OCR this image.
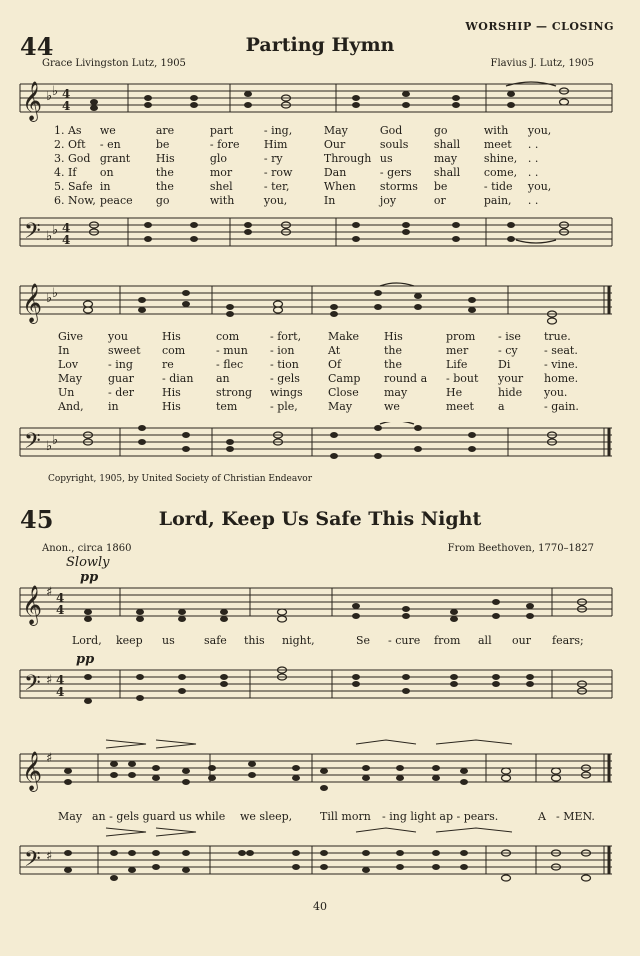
WORSHIP — CLOSING
44	Parting Hymn
Grace Livingston Lutz, 1905	Flavius J. Lutz, 1905
𝄞 ♭ ♭ 4
4
1. As	we	are	part	- ing,	May	God	go	with	you,
2. Oft	- en	be	- fore	Him	Our	souls	shall	meet	. .
3. God	grant	His	glo	- ry	Through	us	may	shine,	. .
4. If	on	the	mor	- row	Dan	- gers	shall	come,	. .
5. Safe	in	the	shel	- ter,	When	storms	be	- tide	you,
6. Now,	peace	go	with	you,	In	joy	or	pain,	. .
𝄢 ♭ ♭ 4
4
𝄞 ♭ ♭
Give	you	His	com	- fort,	Make	His	prom	- ise	true.
In	sweet	com	- mun	- ion	At	the	mer	- cy	- seat.
Lov	- ing	re	- flec	- tion	Of	the	Life	Di	- vine.
May	guar	- dian	an	- gels	Camp	round a	- bout	your	home.
Un	- der	His	strong	wings	Close	may	He	hide	you.
And,	in	His	tem	- ple,	May	we	meet	a	- gain.
𝄢 ♭ ♭
Copyright, 1905, by United Society of Christian Endeavor
45	Lord, Keep Us Safe This Night
Anon., circa 1860	From Beethoven, 1770–1827
Slowly
pp
𝄞 ♯ 4
4
Lord, keep us	safe this night,	Se - cure from all our fears;
pp
𝄢 ♯ 4
4
𝄞 ♯
May an - gels guard us while we sleep,	Till morn - ing light ap - pears.	A - MEN.
𝄢 ♯
40
